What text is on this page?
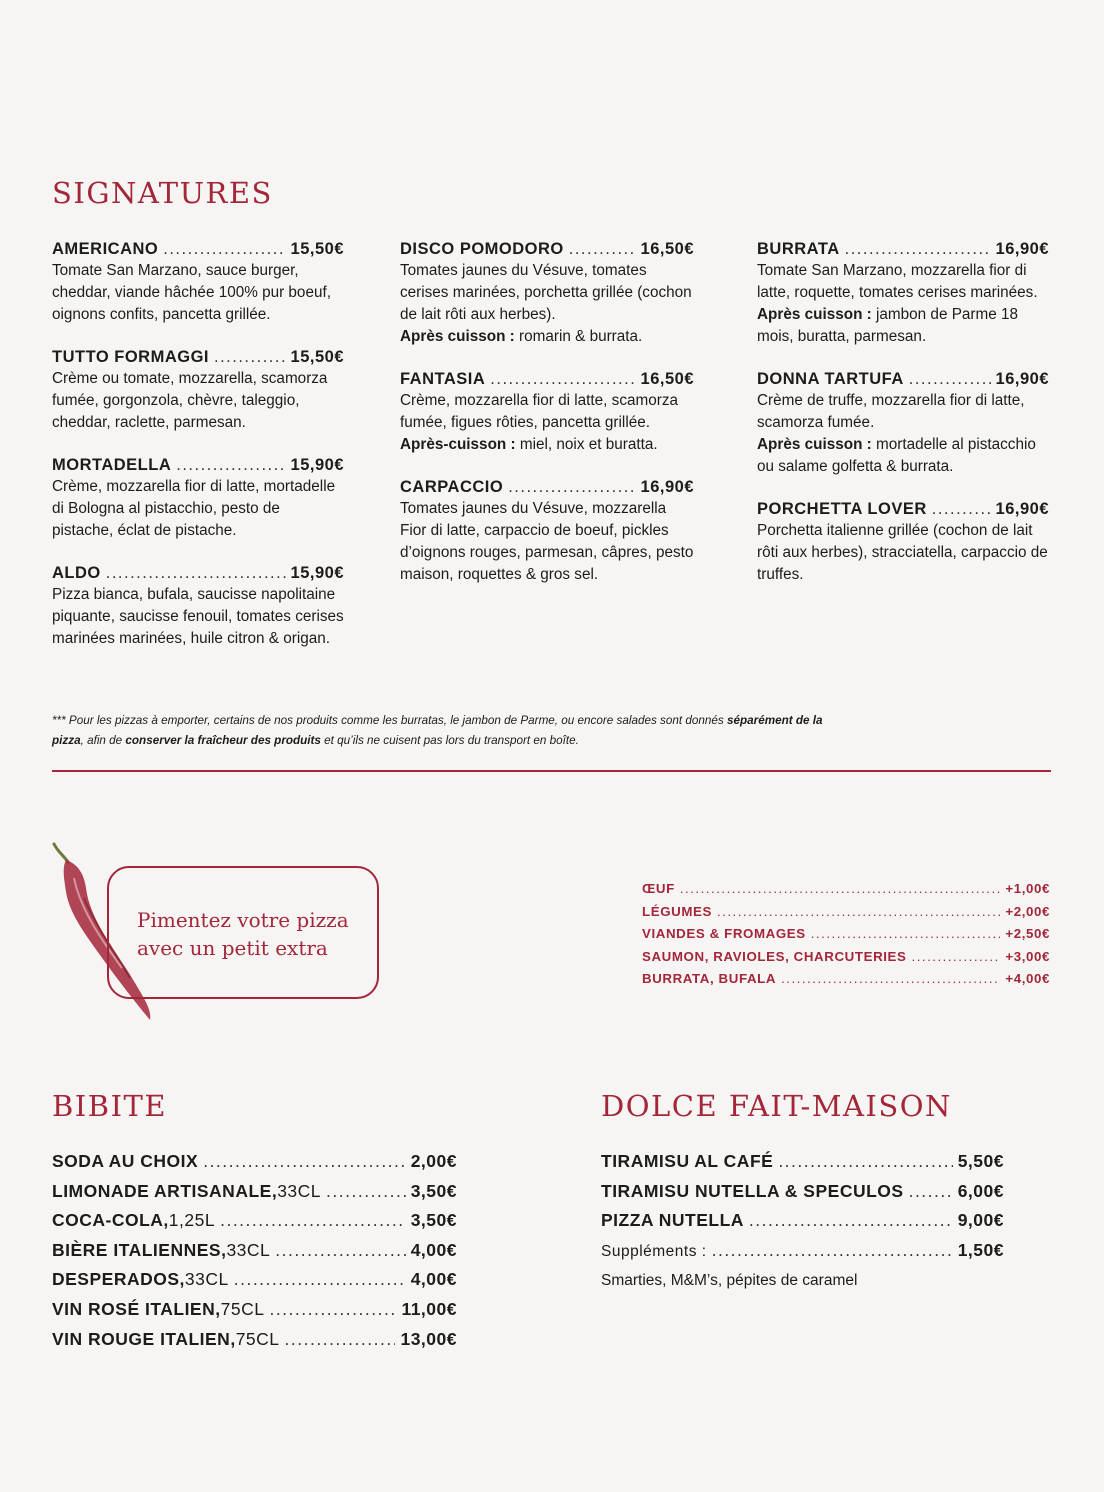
SIGNATURES
AMERICANO .....	15,50€
Tomate San Marzano, sauce burger, cheddar, viande hâchée 100% pur boeuf, oignons confits, pancetta grillée.
TUTTO FORMAGGI .....	15,50€
Crème ou tomate, mozzarella, scamorza fumée, gorgonzola, chèvre, taleggio, cheddar, raclette, parmesan.
MORTADELLA .....	15,90€
Crème, mozzarella fior di latte, mortadelle di Bologna al pistacchio, pesto de pistache, éclat de pistache.
ALDO .....	15,90€
Pizza bianca, bufala, saucisse napolitaine piquante, saucisse fenouil, tomates cerises marinées marinées, huile citron & origan.
DISCO POMODORO .....	16,50€
Tomates jaunes du Vésuve, tomates cerises marinées, porchetta grillée (cochon de lait rôti aux herbes).
Après cuisson : romarin & burrata.
FANTASIA .....	16,50€
Crème, mozzarella fior di latte, scamorza fumée, figues rôties, pancetta grillée.
Après-cuisson : miel, noix et buratta.
CARPACCIO .....	16,90€
Tomates jaunes du Vésuve, mozzarella Fior di latte, carpaccio de boeuf, pickles d’oignons rouges, parmesan, câpres, pesto maison, roquettes & gros sel.
BURRATA .....	16,90€
Tomate San Marzano, mozzarella fior di latte, roquette, tomates cerises marinées.
Après cuisson : jambon de Parme 18 mois, buratta, parmesan.
DONNA TARTUFA .....	16,90€
Crème de truffe, mozzarella fior di latte, scamorza fumée.
Après cuisson : mortadelle al pistacchio ou salame golfetta & burrata.
PORCHETTA LOVER .....	16,90€
Porchetta italienne grillée (cochon de lait rôti aux herbes), stracciatella, carpaccio de truffes.

*** Pour les pizzas à emporter, certains de nos produits comme les burratas, le jambon de Parme, ou encore salades sont donnés séparément de la pizza, afin de conserver la fraîcheur des produits et qu’ils ne cuisent pas lors du transport en boîte.

Pimentez votre pizza avec un petit extra

ŒUF .....	+1,00€
LÉGUMES .....	+2,00€
VIANDES & FROMAGES .....	+2,50€
SAUMON, RAVIOLES, CHARCUTERIES .....	+3,00€
BURRATA, BUFALA .....	+4,00€
BIBITE
SODA AU CHOIX .....	2,00€
LIMONADE ARTISANALE, 33CL .....	3,50€
COCA-COLA, 1,25L .....	3,50€
BIÈRE ITALIENNES, 33CL .....	4,00€
DESPERADOS, 33CL .....	4,00€
VIN ROSÉ ITALIEN, 75CL .....	11,00€
VIN ROUGE ITALIEN, 75CL .....	13,00€
DOLCE FAIT-MAISON
TIRAMISU AL CAFÉ .....	5,50€
TIRAMISU NUTELLA & SPECULOS .....	6,00€
PIZZA NUTELLA .....	9,00€
Suppléments : .....	1,50€

Smarties, M&M’s, pépites de caramel
